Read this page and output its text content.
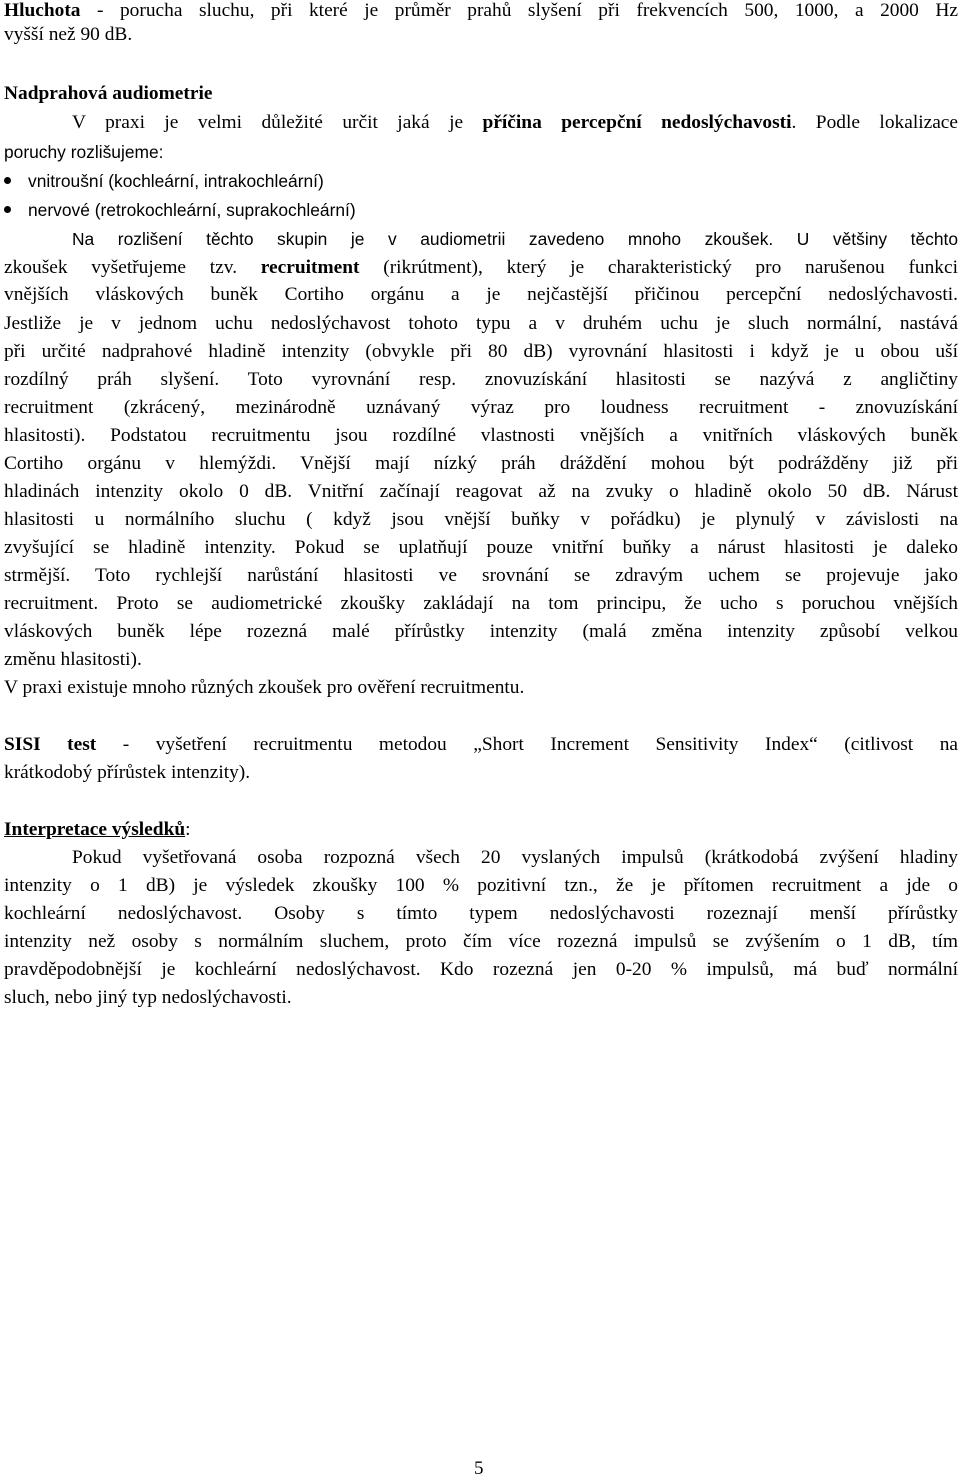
Hluchota - porucha sluchu, při které je průměr prahů slyšení při frekvencích 500, 1000, a 2000 Hz
vyšší než 90 dB.
Nadprahová audiometrie
V praxi je velmi důležité určit jaká je příčina percepční nedoslýchavosti. Podle lokalizace
poruchy rozlišujeme:
vnitroušní (kochleární, intrakochleární)
nervové (retrokochleární, suprakochleární)
Na rozlišení těchto skupin je v audiometrii zavedeno mnoho zkoušek. U většiny těchto
zkoušek vyšetřujeme tzv. recruitment (rikrútment), který je charakteristický pro narušenou funkci
vnějších vláskových buněk Cortiho orgánu a je nejčastější přičinou percepční nedoslýchavosti.
Jestliže je v jednom uchu nedoslýchavost tohoto typu a v druhém uchu je sluch normální, nastává
při určité nadprahové hladině intenzity (obvykle při 80 dB) vyrovnání hlasitosti i když je u obou uší
rozdílný práh slyšení. Toto vyrovnání resp. znovuzískání hlasitosti se nazývá z angličtiny
recruitment (zkrácený, mezinárodně uznávaný výraz pro loudness recruitment - znovuzískání
hlasitosti). Podstatou recruitmentu jsou rozdílné vlastnosti vnějších a vnitřních vláskových buněk
Cortiho orgánu v hlemýždi. Vnější mají nízký práh dráždění mohou být podrážděny již při
hladinách intenzity okolo 0 dB. Vnitřní začínají reagovat až na zvuky o hladině okolo 50 dB. Nárust
hlasitosti u normálního sluchu ( když jsou vnější buňky v pořádku) je plynulý v závislosti na
zvyšující se hladině intenzity. Pokud se uplatňují pouze vnitřní buňky a nárust hlasitosti je daleko
strmější. Toto rychlejší narůstání hlasitosti ve srovnání se zdravým uchem se projevuje jako
recruitment. Proto se audiometrické zkoušky zakládají na tom principu, že ucho s poruchou vnějších
vláskových buněk lépe rozezná malé přírůstky intenzity (malá změna intenzity způsobí velkou
změnu hlasitosti).
V praxi existuje mnoho různých zkoušek pro ověření recruitmentu.
SISI test - vyšetření recruitmentu metodou „Short Increment Sensitivity Index“ (citlivost na
krátkodobý přírůstek intenzity).
Interpretace výsledků:
Pokud vyšetřovaná osoba rozpozná všech 20 vyslaných impulsů (krátkodobá zvýšení hladiny
intenzity o 1 dB) je výsledek zkoušky 100 % pozitivní tzn., že je přítomen recruitment a jde o
kochleární nedoslýchavost. Osoby s tímto typem nedoslýchavosti rozeznají menší přírůstky
intenzity než osoby s normálním sluchem, proto čím více rozezná impulsů se zvýšením o 1 dB, tím
pravděpodobnější je kochleární nedoslýchavost. Kdo rozezná jen 0-20 % impulsů, má buď normální
sluch, nebo jiný typ nedoslýchavosti.
5
